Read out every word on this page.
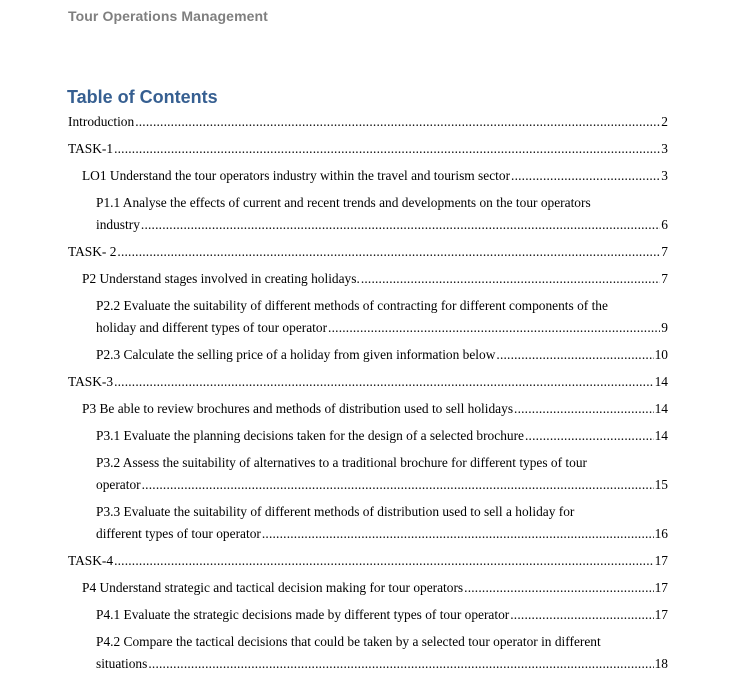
Tour Operations Management
Table of Contents
Introduction .....	2
TASK-1 .....	3
LO1 Understand the tour operators industry within the travel and tourism sector .....	3
P1.1 Analyse the effects of current and recent trends and developments on the tour operators
industry .....	6
TASK- 2 .....	7
P2 Understand stages involved in creating holidays. .....	7
P2.2 Evaluate the suitability of different methods of contracting for different components of the
holiday and different types of tour operator .....	9
P2.3 Calculate the selling price of a holiday from given information below .....	10
TASK-3 .....	14
P3 Be able to review brochures and methods of distribution used to sell holidays .....	14
P3.1 Evaluate the planning decisions taken for the design of a selected brochure .....	14
P3.2 Assess the suitability of alternatives to a traditional brochure for different types of tour
operator .....	15
P3.3 Evaluate the suitability of different methods of distribution used to sell a holiday for
different types of tour operator .....	16
TASK-4 .....	17
P4 Understand strategic and tactical decision making for tour operators .....	17
P4.1 Evaluate the strategic decisions made by different types of tour operator .....	17
P4.2 Compare the tactical decisions that could be taken by a selected tour operator in different
situations .....	18
